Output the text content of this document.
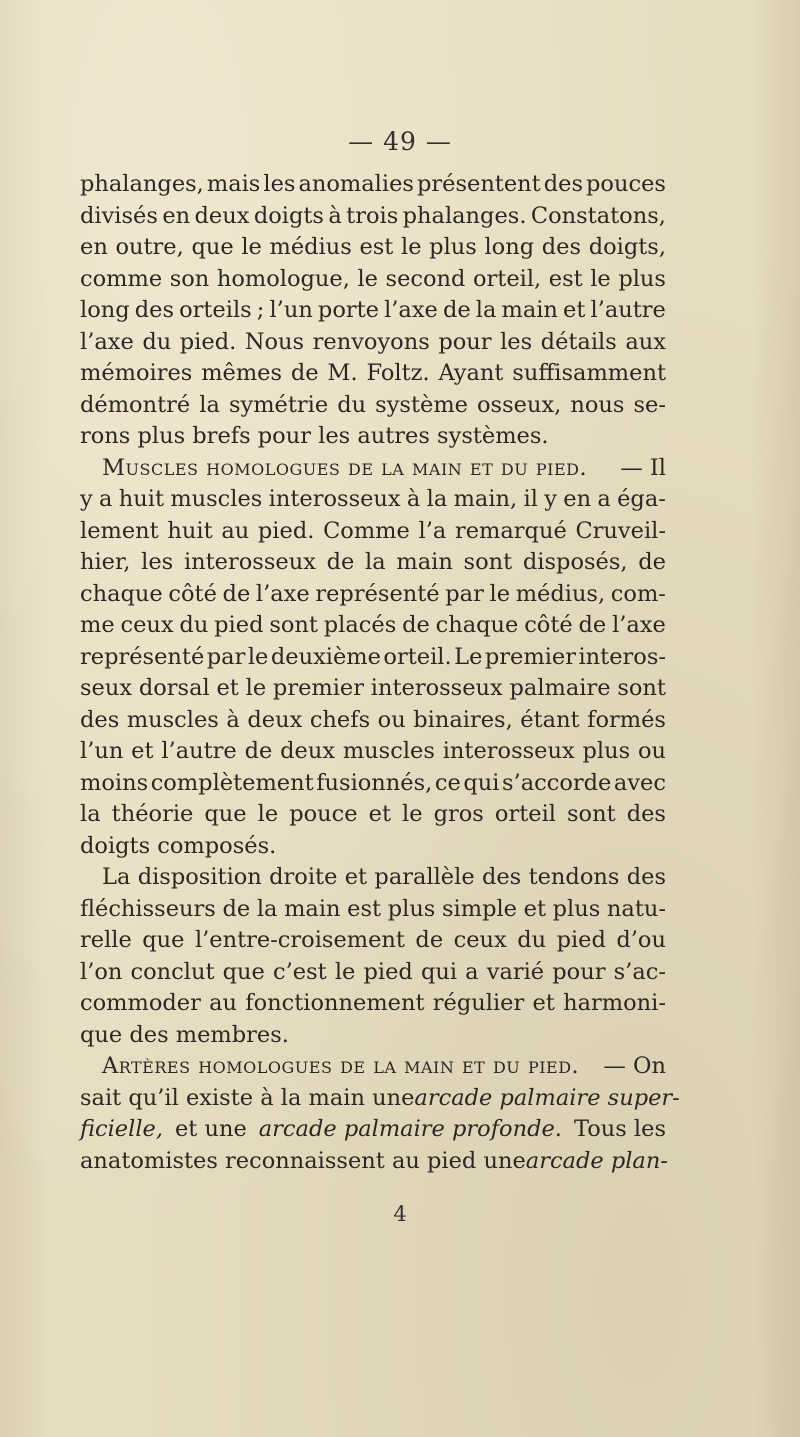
— 49 —
phalanges, mais les anomalies présentent des pouces
divisés en deux doigts à trois phalanges. Constatons,
en outre, que le médius est le plus long des doigts,
comme son homologue, le second orteil, est le plus
long des orteils ; l’un porte l’axe de la main et l’autre
l’axe du pied. Nous renvoyons pour les détails aux
mémoires mêmes de M. Foltz. Ayant suffisamment
démontré la symétrie du système osseux, nous se-
rons plus brefs pour les autres systèmes.
Muscles homologues de la main et du pied. — Il
y a huit muscles interosseux à la main, il y en a éga-
lement huit au pied. Comme l’a remarqué Cruveil-
hier, les interosseux de la main sont disposés, de
chaque côté de l’axe représenté par le médius, com-
me ceux du pied sont placés de chaque côté de l’axe
représenté par le deuxième orteil. Le premier interos-
seux dorsal et le premier interosseux palmaire sont
des muscles à deux chefs ou binaires, étant formés
l’un et l’autre de deux muscles interosseux plus ou
moins complètement fusionnés, ce qui s’accorde avec
la théorie que le pouce et le gros orteil sont des
doigts composés.
La disposition droite et parallèle des tendons des
fléchisseurs de la main est plus simple et plus natu-
relle que l’entre-croisement de ceux du pied d’ou
l’on conclut que c’est le pied qui a varié pour s’ac-
commoder au fonctionnement régulier et harmoni-
que des membres.
Artères homologues de la main et du pied. — On
sait qu’il existe à la main une arcade palmaire super-
ficielle, et une arcade palmaire profonde. Tous les
anatomistes reconnaissent au pied une arcade plan-
4
